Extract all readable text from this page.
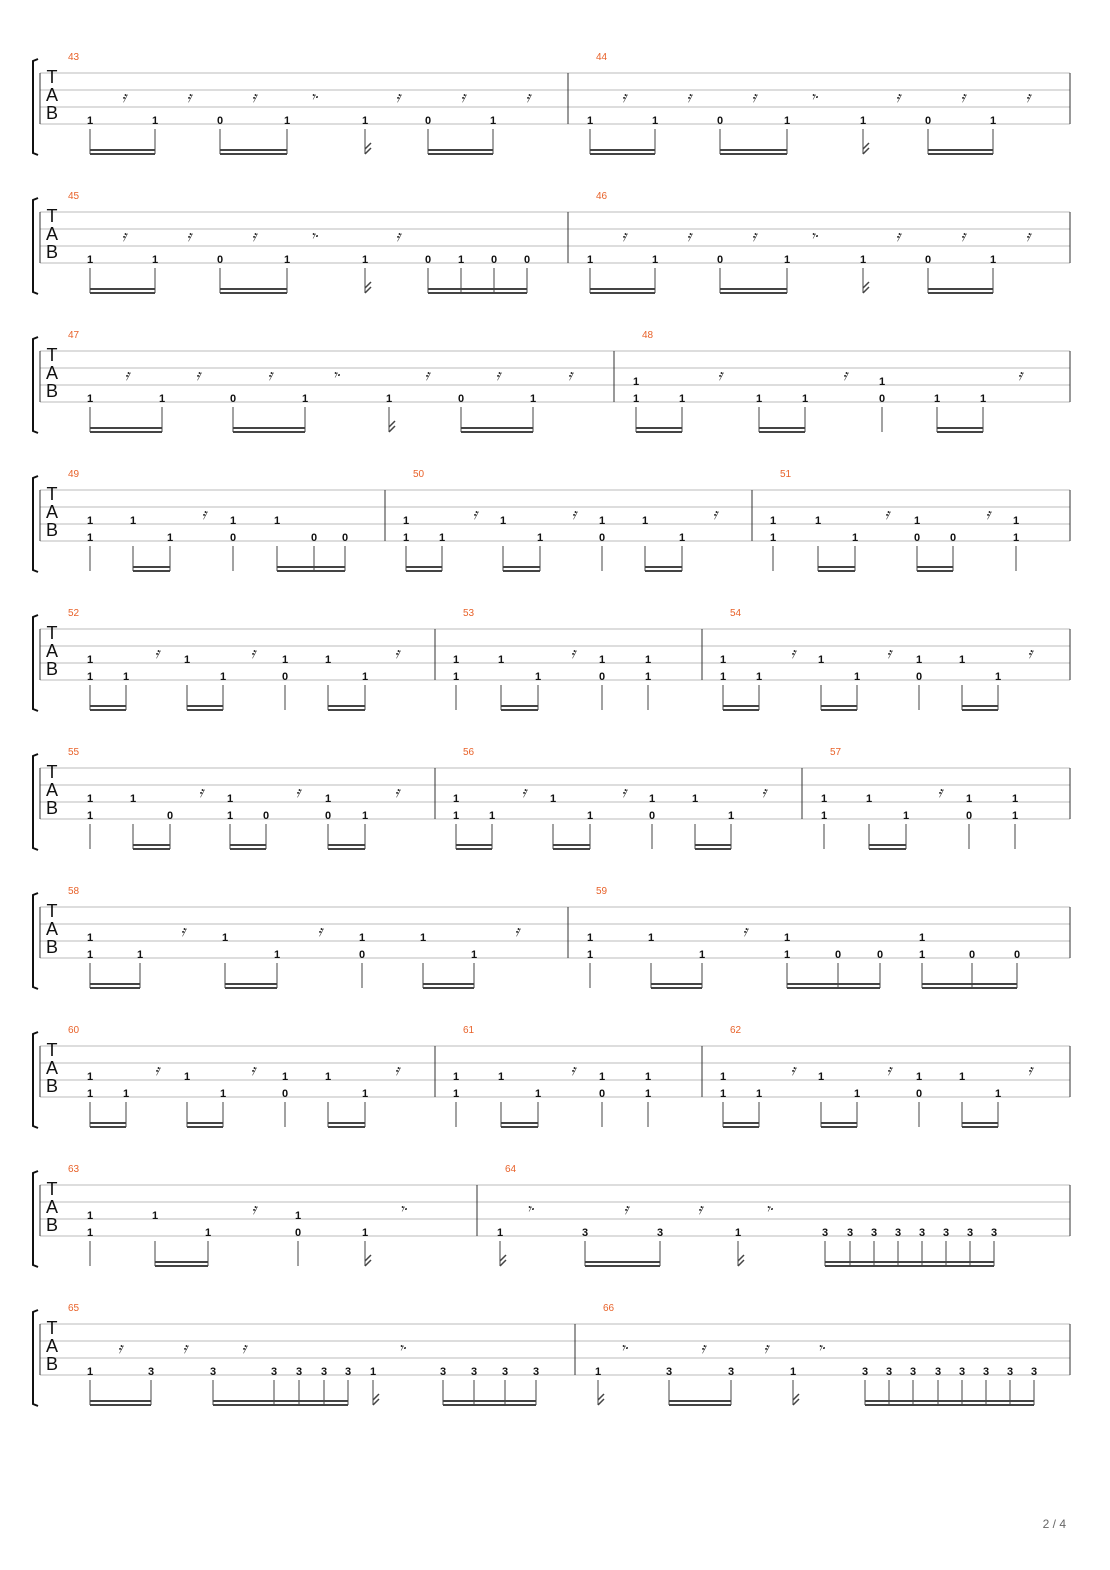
T
A
B
43
𝄿	𝄿	𝄿	𝄾·	𝄿	𝄿	𝄿
1	1	0	1	1	0	1
44
𝄿	𝄿	𝄿	𝄾·	𝄿	𝄿	𝄿
1	1	0	1	1	0	1
T
A
B
45
𝄿	𝄿	𝄿	𝄾·	𝄿
1	1	0	1	1	0 1 0 0
46
𝄿	𝄿	𝄿	𝄾·	𝄿	𝄿	𝄿
1	1	0	1	1	0	1
T
A
B
47
𝄿	𝄿	𝄿	𝄾·	𝄿	𝄿	𝄿
1	1	0	1	1	0	1
48
𝄿	𝄿	𝄿
1
1	1	1	1
1
0	1	1
T
A
B
49
𝄿
1
1
1
1
1
0
1
0 0
50
𝄿	𝄿	𝄿
1
1	1
1
1
1
0
1
1
51
𝄿	𝄿
1
1
1
1
1
0	0
1
1
T
A
B
52
𝄿	𝄿	𝄿
1
1	1
1
1
1
0
1
1
53
𝄿
1
1
1
1
1
0
1
1
54
𝄿	𝄿	𝄿
1
1	1
1
1
1
0
1
1
T
A
B
55
𝄿	𝄿	𝄿
1
1
1
0
1
1	0
1
0	1
56
𝄿	𝄿	𝄿
1
1	1
1
1
1
0
1
1
57
𝄿
1
1
1
1
1
0
1
1
T
A
B
58
𝄿	𝄿	𝄿
1
1	1
1
1
1
0
1
1
59
𝄿
1
1
1
1
1
1	0	0
1
1	0	0
T
A
B
60
𝄿	𝄿	𝄿
1
1	1
1
1
1
0
1
1
61
𝄿
1
1
1
1
1
0
1
1
62
𝄿	𝄿	𝄿
1
1	1
1
1
1
0
1
1
T
A
B
63
𝄿	𝄾·
1
1
1
1
1
0	1
64
𝄾·	𝄿	𝄿	𝄾·
1	3	3	1	3 3 3 3 3 3 3 3
T
A
B
65
𝄿	𝄿	𝄿	𝄾·
1	3	3	3 3 3 3 1	3 3 3 3
66
𝄾·	𝄿	𝄿	𝄾·
1	3	3	1	3 3 3 3 3 3 3 3
2 / 4
